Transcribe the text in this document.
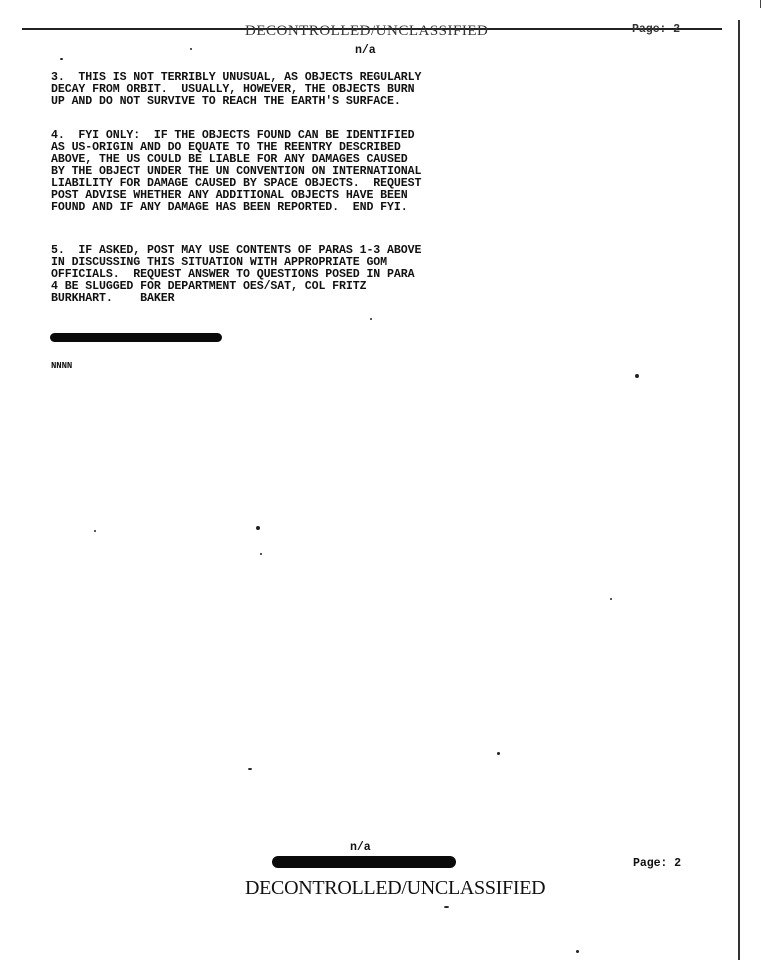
DECONTROLLED/UNCLASSIFIED	Page: 2
n/a
3.  THIS IS NOT TERRIBLY UNUSUAL, AS OBJECTS REGULARLY
DECAY FROM ORBIT.  USUALLY, HOWEVER, THE OBJECTS BURN
UP AND DO NOT SURVIVE TO REACH THE EARTH'S SURFACE.
4.  FYI ONLY:  IF THE OBJECTS FOUND CAN BE IDENTIFIED
AS US-ORIGIN AND DO EQUATE TO THE REENTRY DESCRIBED
ABOVE, THE US COULD BE LIABLE FOR ANY DAMAGES CAUSED
BY THE OBJECT UNDER THE UN CONVENTION ON INTERNATIONAL
LIABILITY FOR DAMAGE CAUSED BY SPACE OBJECTS.  REQUEST
POST ADVISE WHETHER ANY ADDITIONAL OBJECTS HAVE BEEN
FOUND AND IF ANY DAMAGE HAS BEEN REPORTED.  END FYI.
5.  IF ASKED, POST MAY USE CONTENTS OF PARAS 1-3 ABOVE
IN DISCUSSING THIS SITUATION WITH APPROPRIATE GOM
OFFICIALS.  REQUEST ANSWER TO QUESTIONS POSED IN PARA
4 BE SLUGGED FOR DEPARTMENT OES/SAT, COL FRITZ
BURKHART.    BAKER
NNNN
n/a
Page: 2
DECONTROLLED/UNCLASSIFIED
